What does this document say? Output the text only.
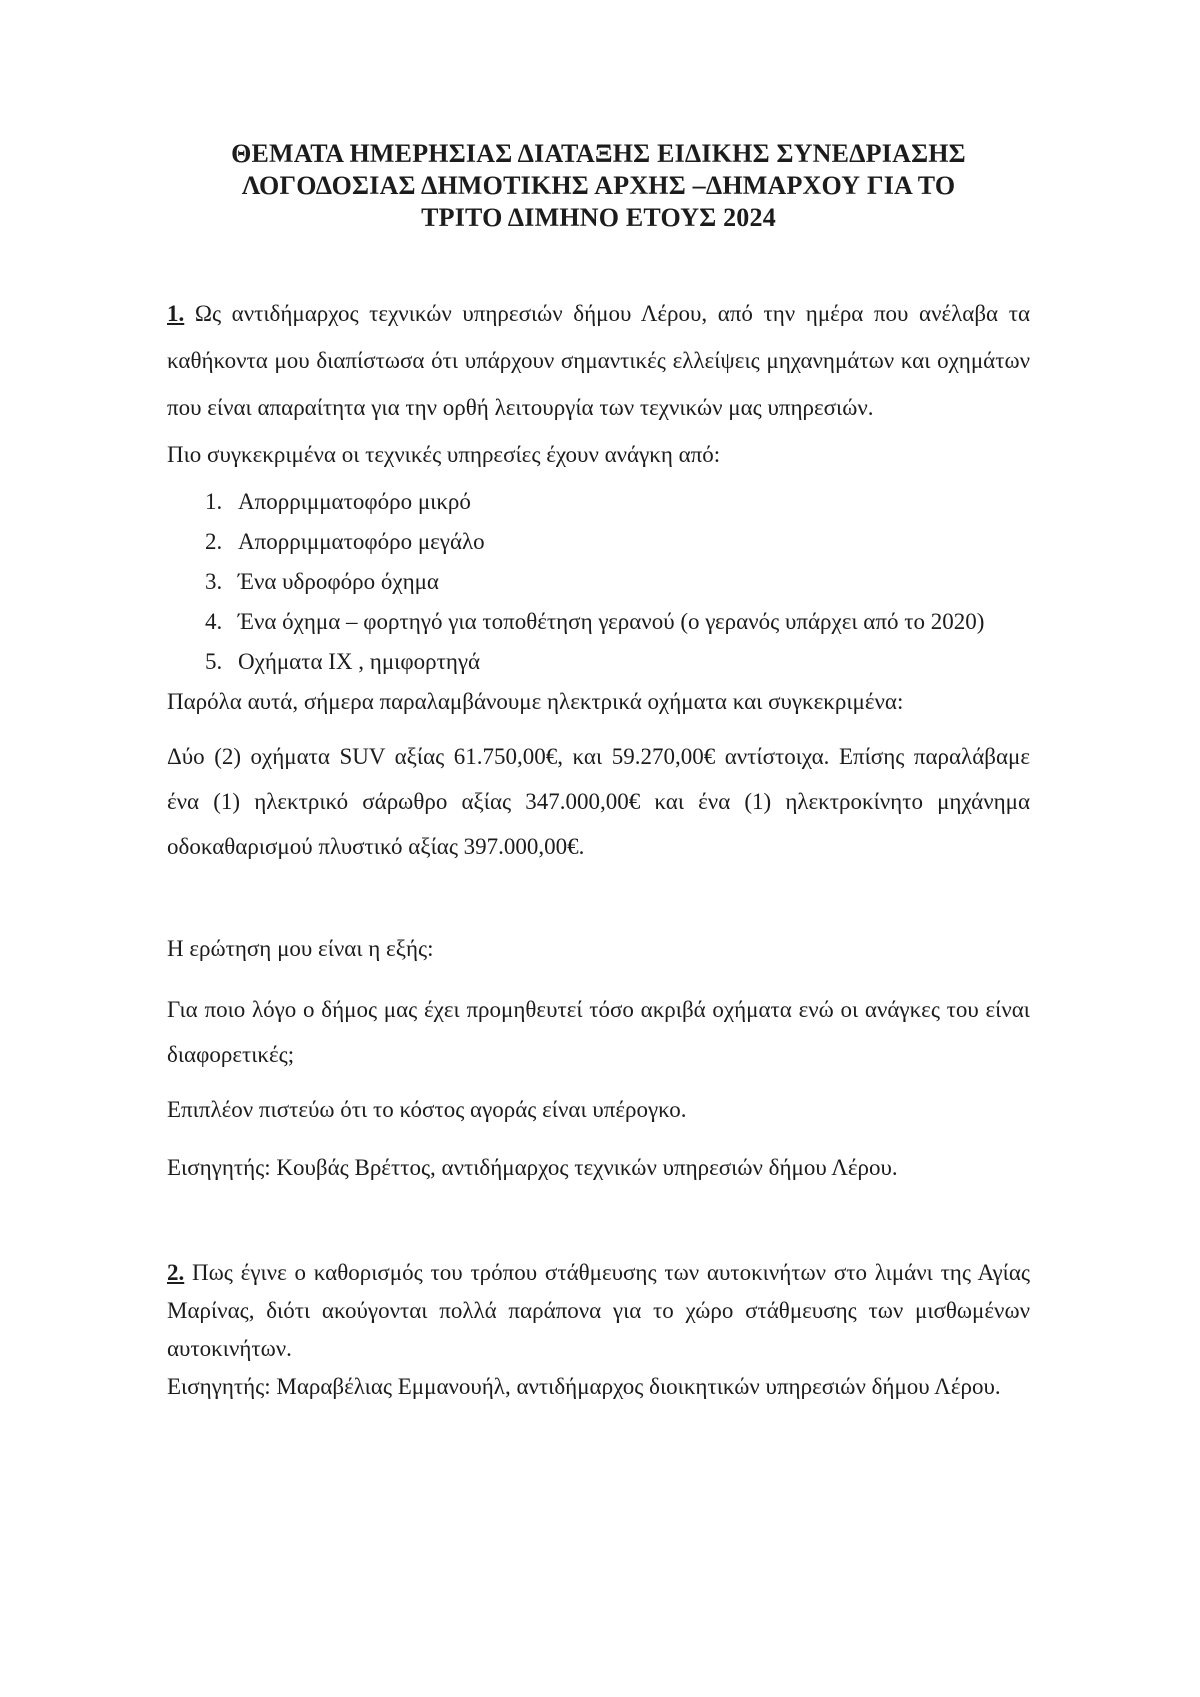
ΘΕΜΑΤΑ ΗΜΕΡΗΣΙΑΣ ΔΙΑΤΑΞΗΣ ΕΙΔΙΚΗΣ ΣΥΝΕΔΡΙΑΣΗΣ
ΛΟΓΟΔΟΣΙΑΣ ΔΗΜΟΤΙΚΗΣ ΑΡΧΗΣ –ΔΗΜΑΡΧΟΥ ΓΙΑ ΤΟ
ΤΡΙΤΟ ΔΙΜΗΝΟ ΕΤΟΥΣ 2024

1. Ως αντιδήμαρχος τεχνικών υπηρεσιών δήμου Λέρου, από την ημέρα που ανέλαβα τα καθήκοντα μου διαπίστωσα ότι υπάρχουν σημαντικές ελλείψεις μηχανημάτων και οχημάτων που είναι απαραίτητα για την ορθή λειτουργία των τεχνικών μας υπηρεσιών.

Πιο συγκεκριμένα οι τεχνικές υπηρεσίες έχουν ανάγκη από:

1. Απορριμματοφόρο μικρό
2. Απορριμματοφόρο μεγάλο
3. Ένα υδροφόρο όχημα
4. Ένα όχημα – φορτηγό για τοποθέτηση γερανού (ο γερανός υπάρχει από το 2020)
5. Οχήματα ΙΧ , ημιφορτηγά

Παρόλα αυτά, σήμερα παραλαμβάνουμε ηλεκτρικά οχήματα και συγκεκριμένα:

Δύο (2) οχήματα SUV αξίας 61.750,00€, και 59.270,00€ αντίστοιχα. Επίσης παραλάβαμε ένα (1) ηλεκτρικό σάρωθρο αξίας 347.000,00€ και ένα (1) ηλεκτροκίνητο μηχάνημα οδοκαθαρισμού πλυστικό αξίας 397.000,00€.

Η ερώτηση μου είναι η εξής:

Για ποιο λόγο ο δήμος μας έχει προμηθευτεί τόσο ακριβά οχήματα ενώ οι ανάγκες του είναι διαφορετικές;

Επιπλέον πιστεύω ότι το κόστος αγοράς είναι υπέρογκο.

Εισηγητής: Κουβάς Βρέττος, αντιδήμαρχος τεχνικών υπηρεσιών δήμου Λέρου.

2. Πως έγινε ο καθορισμός του τρόπου στάθμευσης των αυτοκινήτων στο λιμάνι της Αγίας Μαρίνας, διότι ακούγονται πολλά παράπονα για το χώρο στάθμευσης των μισθωμένων αυτοκινήτων.

Εισηγητής: Μαραβέλιας Εμμανουήλ, αντιδήμαρχος διοικητικών υπηρεσιών δήμου Λέρου.
